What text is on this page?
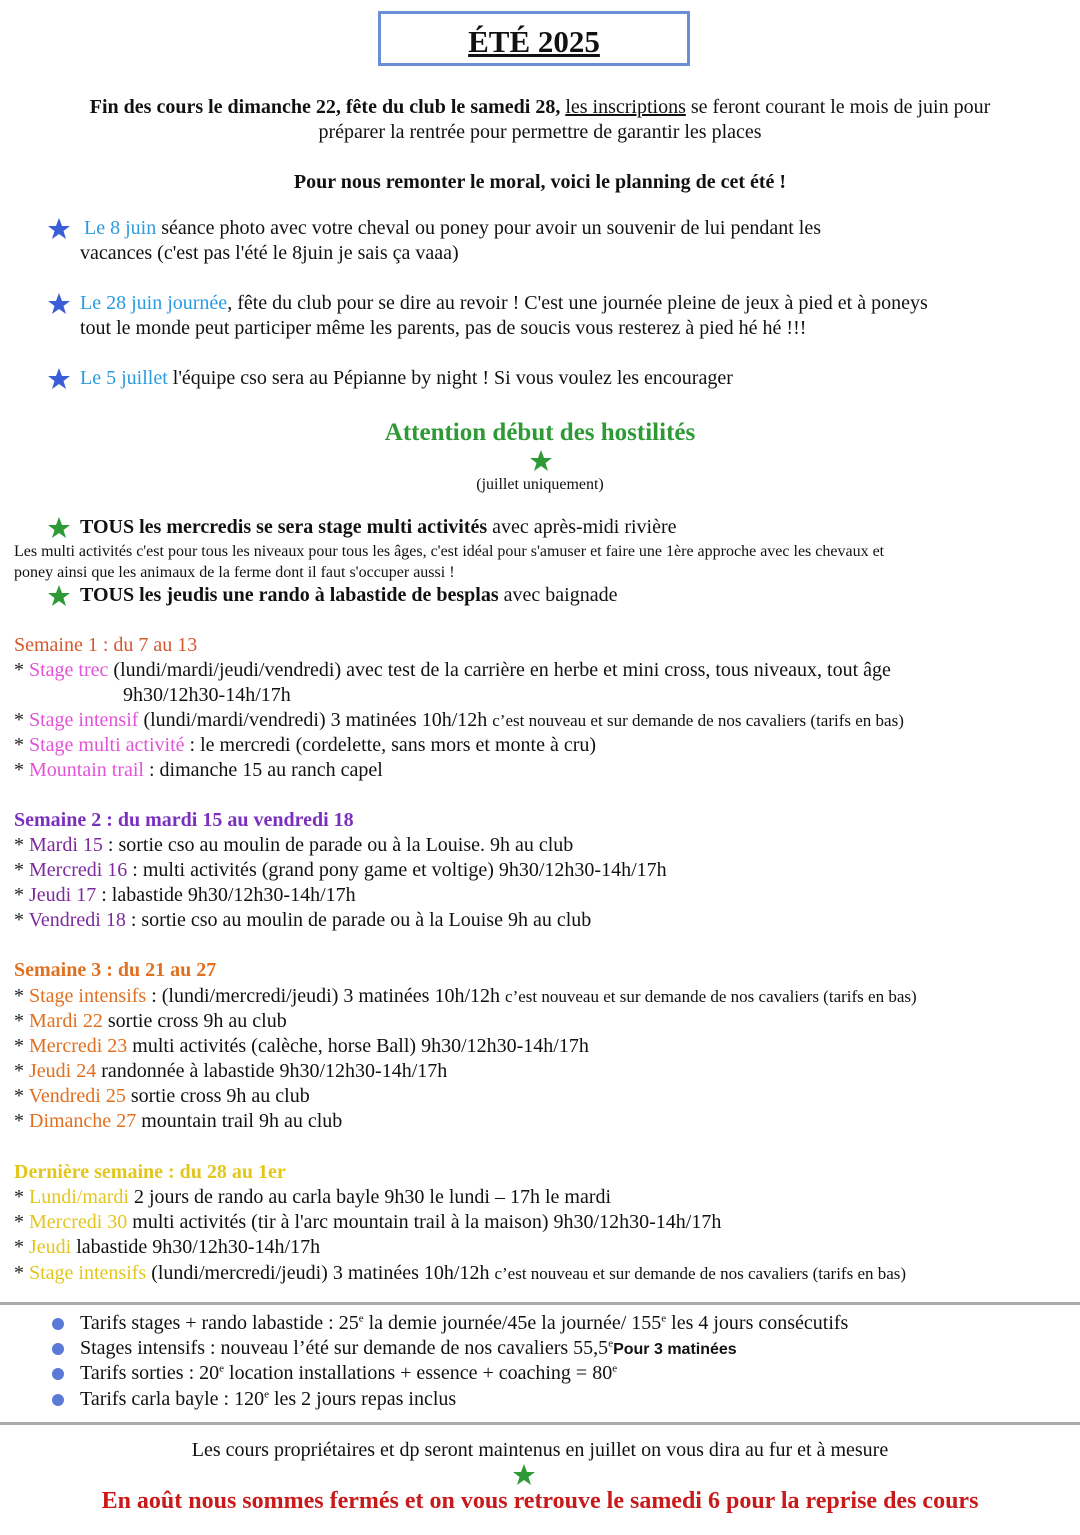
ÉTÉ 2025
Fin des cours le dimanche 22, fête du club le samedi 28, les inscriptions se feront courant le mois de juin pour
préparer la rentrée pour permettre de garantir les places
Pour nous remonter le moral, voici le planning de cet été !
Le 8 juin séance photo avec votre cheval ou poney pour avoir un souvenir de lui pendant les
vacances (c'est pas l'été le 8juin je sais ça vaaa)
Le 28 juin journée, fête du club pour se dire au revoir ! C'est une journée pleine de jeux à pied et à poneys
tout le monde peut participer même les parents, pas de soucis vous resterez à pied hé hé !!!
Le 5 juillet l'équipe cso sera au Pépianne by night ! Si vous voulez les encourager
Attention début des hostilités
(juillet uniquement)
TOUS les mercredis se sera stage multi activités avec après-midi rivière
Les multi activités c'est pour tous les niveaux pour tous les âges, c'est idéal pour s'amuser et faire une 1ère approche avec les chevaux et
poney ainsi que les animaux de la ferme dont il faut s'occuper aussi !
TOUS les jeudis une rando à labastide de besplas avec baignade
Semaine 1 : du 7 au 13
* Stage trec (lundi/mardi/jeudi/vendredi) avec test de la carrière en herbe et mini cross, tous niveaux, tout âge
9h30/12h30-14h/17h
* Stage intensif (lundi/mardi/vendredi) 3 matinées 10h/12h c’est nouveau et sur demande de nos cavaliers (tarifs en bas)
* Stage multi activité : le mercredi (cordelette, sans mors et monte à cru)
* Mountain trail : dimanche 15 au ranch capel
Semaine 2 : du mardi 15 au vendredi 18
* Mardi 15 : sortie cso au moulin de parade ou à la Louise. 9h au club
* Mercredi 16 : multi activités (grand pony game et voltige) 9h30/12h30-14h/17h
* Jeudi 17 : labastide 9h30/12h30-14h/17h
* Vendredi 18 : sortie cso au moulin de parade ou à la Louise 9h au club
Semaine 3 : du 21 au 27
* Stage intensifs : (lundi/mercredi/jeudi) 3 matinées 10h/12h c’est nouveau et sur demande de nos cavaliers (tarifs en bas)
* Mardi 22 sortie cross 9h au club
* Mercredi 23 multi activités (calèche, horse Ball) 9h30/12h30-14h/17h
* Jeudi 24 randonnée à labastide 9h30/12h30-14h/17h
* Vendredi 25 sortie cross 9h au club
* Dimanche 27 mountain trail 9h au club
Dernière semaine : du 28 au 1er
* Lundi/mardi 2 jours de rando au carla bayle 9h30 le lundi – 17h le mardi
* Mercredi 30 multi activités (tir à l'arc mountain trail à la maison) 9h30/12h30-14h/17h
* Jeudi labastide 9h30/12h30-14h/17h
* Stage intensifs (lundi/mercredi/jeudi) 3 matinées 10h/12h c’est nouveau et sur demande de nos cavaliers (tarifs en bas)
Tarifs stages + rando labastide : 25e la demie journée/45e la journée/ 155e les 4 jours consécutifs
Stages intensifs : nouveau l’été sur demande de nos cavaliers 55,5ePour 3 matinées
Tarifs sorties : 20e location installations + essence + coaching = $80^e$
Tarifs carla bayle : 120e les 2 jours repas inclus
Les cours propriétaires et dp seront maintenus en juillet on vous dira au fur et à mesure
En août nous sommes fermés et on vous retrouve le samedi 6 pour la reprise des cours
